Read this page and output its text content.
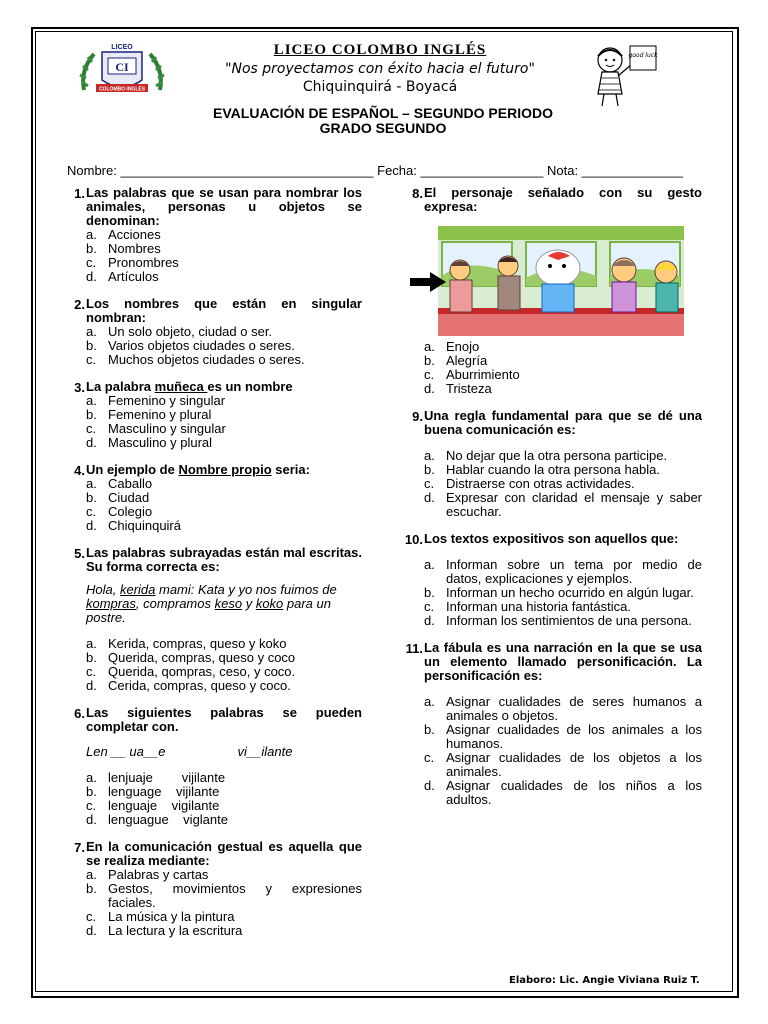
LICEO
CI
COLOMBO INGLÉS
LICEO COLOMBO INGLÉS
"Nos proyectamos con éxito hacia el futuro"
Chiquinquirá - Boyacá
good luck
EVALUACIÓN DE ESPAÑOL – SEGUNDO PERIODO
GRADO SEGUNDO
Nombre: ___________________________________ Fecha: _________________ Nota: ______________
1. Las palabras que se usan para nombrar los animales, personas u objetos se denominan:
a. Acciones
b. Nombres
c. Pronombres
d. Artículos
2. Los nombres que están en singular nombran:
a. Un solo objeto, ciudad o ser.
b. Varios objetos ciudades o seres.
c. Muchos objetos ciudades o seres.
3. La palabra muñeca es un nombre
a. Femenino y singular
b. Femenino y plural
c. Masculino y singular
d. Masculino y plural
4. Un ejemplo de Nombre propio seria:
a. Caballo
b. Ciudad
c. Colegio
d. Chiquinquirá
5. Las palabras subrayadas están mal escritas. Su forma correcta es:
Hola, kerida mami: Kata y yo nos fuimos de kompras, compramos keso y koko para un postre.
a. Kerida, compras, queso y koko
b. Querida, compras, queso y coco
c. Querida, qompras, ceso, y coco.
d. Cerida, compras, queso y coco.
6. Las siguientes palabras se pueden completar con.
Len __ ua__e	vi__ilante
a. lenjuaje        vijilante
b. lenguage    vijilante
c. lenguaje    vigilante
d. lenguague    viglante
7. En la comunicación gestual es aquella que se realiza mediante:
a. Palabras y cartas
b. Gestos, movimientos y expresiones faciales.
c. La música y la pintura
d. La lectura y la escritura
8. El personaje señalado con su gesto expresa:
a. Enojo
b. Alegría
c. Aburrimiento
d. Tristeza
9. Una regla fundamental para que se dé una buena comunicación es:
a. No dejar que la otra persona participe.
b. Hablar cuando la otra persona habla.
c. Distraerse con otras actividades.
d. Expresar con claridad el mensaje y saber escuchar.
10. Los textos expositivos son aquellos que:
a. Informan sobre un tema por medio de datos, explicaciones y ejemplos.
b. Informan un hecho ocurrido en algún lugar.
c. Informan una historia fantástica.
d. Informan los sentimientos de una persona.
11. La fábula es una narración en la que se usa un elemento llamado personificación. La personificación es:
a. Asignar cualidades de seres humanos a animales o objetos.
b. Asignar cualidades de los animales a los humanos.
c. Asignar cualidades de los objetos a los animales.
d. Asignar cualidades de los niños a los adultos.
Elaboro: Lic. Angie Viviana Ruiz T.
